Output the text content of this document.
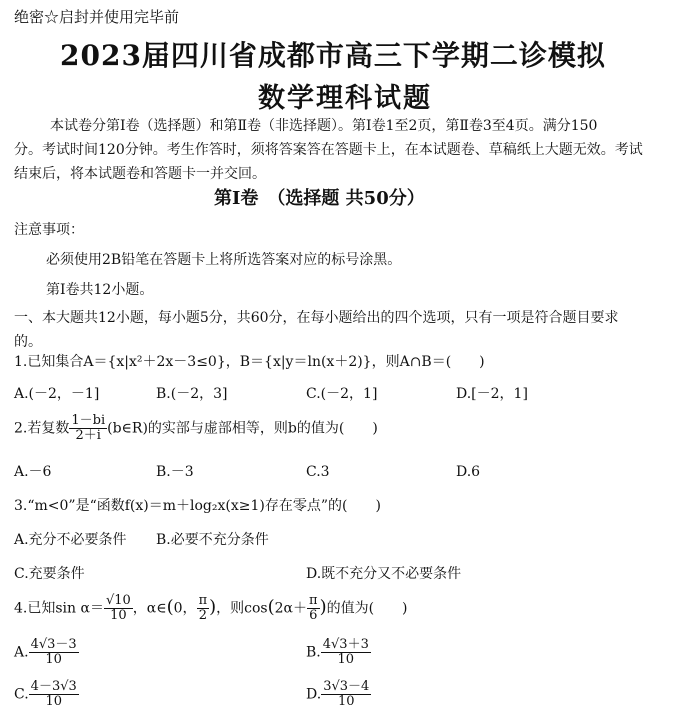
绝密☆启封并使用完毕前
2023届四川省成都市高三下学期二诊模拟
数学理科试题
本试卷分第Ⅰ卷（选择题）和第Ⅱ卷（非选择题）。第Ⅰ卷1至2页，第Ⅱ卷3至4页。满分150
分。考试时间120分钟。考生作答时，须将答案答在答题卡上，在本试题卷、草稿纸上大题无效。考试
结束后，将本试题卷和答题卡一并交回。
第Ⅰ卷　（选择题 共50分）
注意事项：
必须使用2B铅笔在答题卡上将所选答案对应的标号涂黑。
第Ⅰ卷共12小题。
一、本大题共12小题，每小题5分，共60分，在每小题给出的四个选项，只有一项是符合题目要求
的。
1.已知集合A＝{x|x²＋2x－3≤0}，B＝{x|y＝ln(x＋2)}，则A∩B＝(　　)
A.(－2，－1]	B.(－2，3]	C.(－2，1]	D.[－2，1]
2.若复数 $\frac{1-bi}{2+i}$ (b∈R)的实部与虚部相等，则b的值为(　　)
A.－6	B.－3	C.3	D.6
3.“m<0”是“函数f(x)＝m＋log₂x(x≥1)存在零点”的(　　)
A.充分不必要条件 B.必要不充分条件
C.充要条件	D.既不充分又不必要条件
4.已知$\sin \alpha= \frac{√10}{10}$ ，α∈(0， $\frac{\pi}{2}$ )，则$\cos(2\alpha+ \frac{\pi}{6}$ )的值为(　　)
A. $\frac{4√3-3}{10}$	B. $\frac{4√3+3}{10}$
C. $\frac{4-3√3}{10}$	D. $\frac{3√3-4}{10}$
